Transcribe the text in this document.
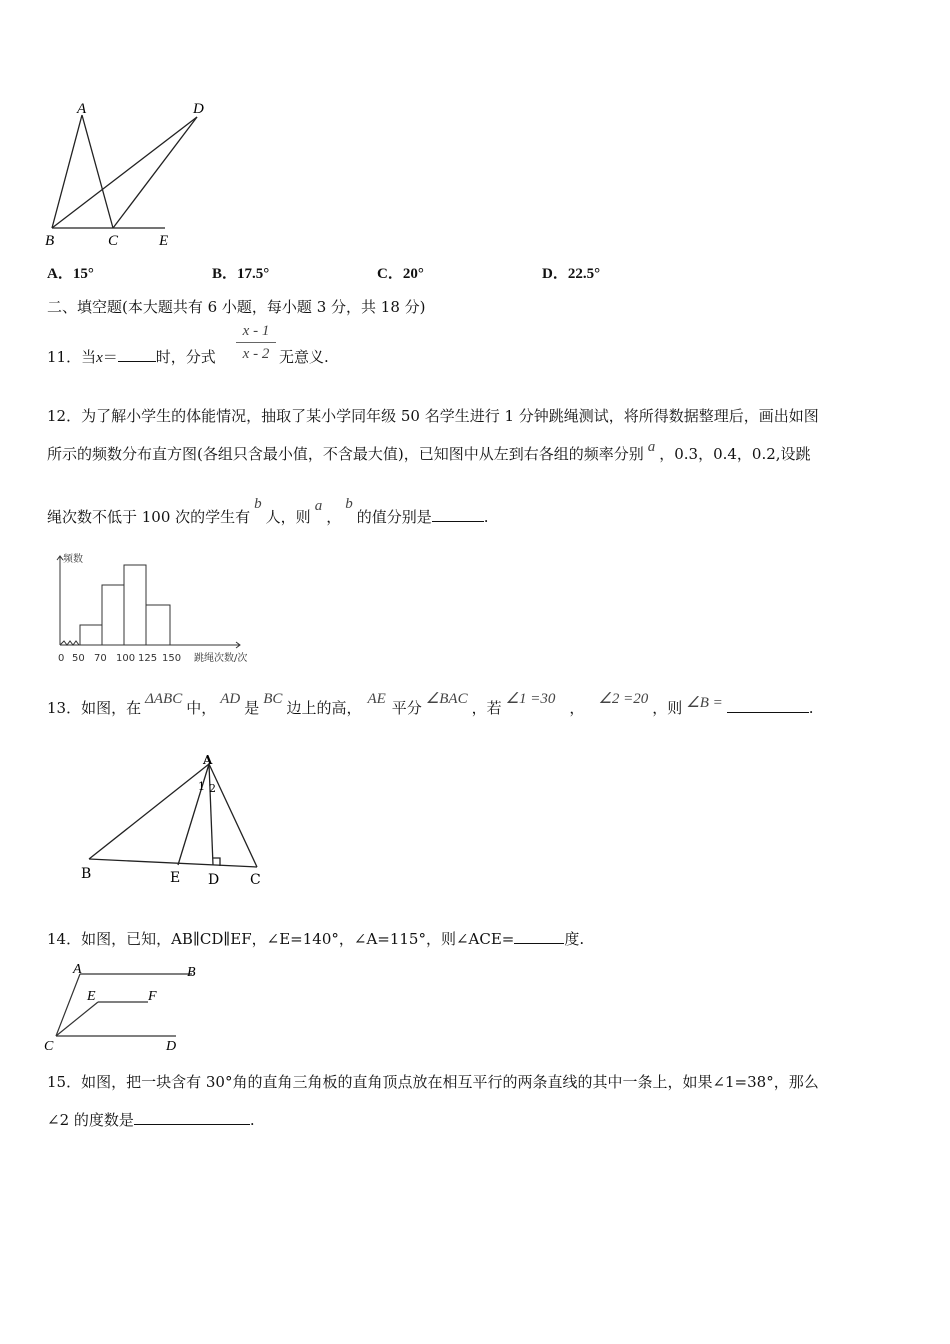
A	D
B	C	E
A．15°	B．17.5°	C．20°	D．22.5°
二、填空题(本大题共有 6 小题，每小题 3 分，共 18 分)
11．当x＝	时，分式 $\frac{x - 1}{x - 2}$ 无意义.
12．为了解小学生的体能情况，抽取了某小学同年级 50 名学生进行 1 分钟跳绳测试，将所得数据整理后，画出如图
所示的频数分布直方图(各组只含最小值，不含最大值)，已知图中从左到右各组的频率分别 a ，0.3，0.4，0.2,设跳
绳次数不低于 100 次的学生有b人，则a，b的值分别是	.
频数
0 50 70 100 125 150 跳绳次数/次
13．如图，在 ΔABC 中， AD 是 BC 边上的高， AE 平分 ∠BAC ，若 ∠1 =30 ， ∠2 =20 ，则 ∠B =	.
A
1 2
B	E D C
14．如图，已知，AB∥CD∥EF，∠E=140°，∠A=115°，则∠ACE=	度.
A	B
E	F
C	D
15．如图，把一块含有 30°角的直角三角板的直角顶点放在相互平行的两条直线的其中一条上，如果∠1=38°，那么
∠2 的度数是	.
